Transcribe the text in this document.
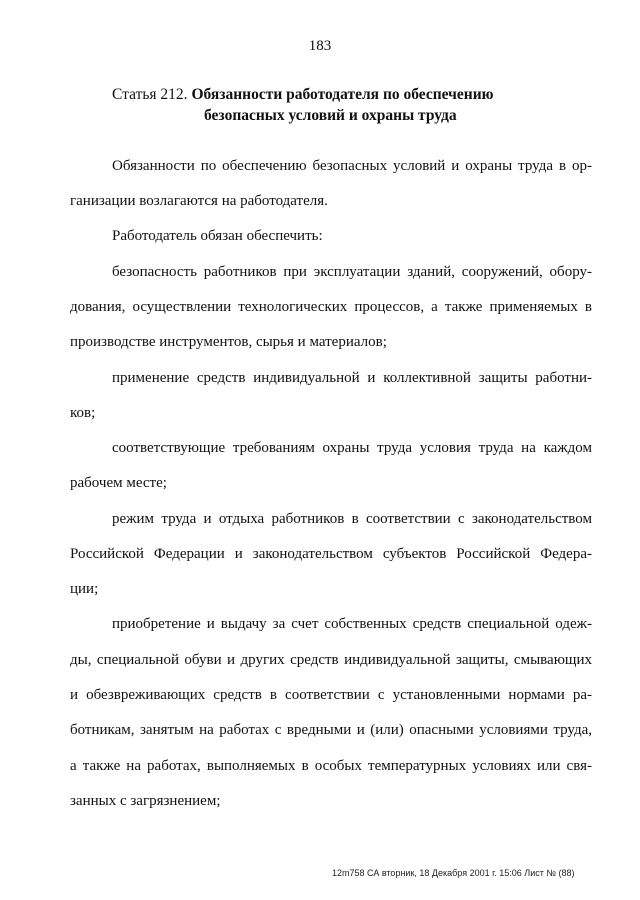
183
Статья 212. Обязанности работодателя по обеспечению
безопасных условий и охраны труда
Обязанности по обеспечению безопасных условий и охраны труда в ор-
ганизации возлагаются на работодателя.
Работодатель обязан обеспечить:
безопасность работников при эксплуатации зданий, сооружений, обору-
дования, осуществлении технологических процессов, а также применяемых в
производстве инструментов, сырья и материалов;
применение средств индивидуальной и коллективной защиты работни-
ков;
соответствующие требованиям охраны труда условия труда на каждом
рабочем месте;
режим труда и отдыха работников в соответствии с законодательством
Российской Федерации и законодательством субъектов Российской Федера-
ции;
приобретение и выдачу за счет собственных средств специальной одеж-
ды, специальной обуви и других средств индивидуальной защиты, смывающих
и обезвреживающих средств в соответствии с установленными нормами ра-
ботникам, занятым на работах с вредными и (или) опасными условиями труда,
а также на работах, выполняемых в особых температурных условиях или свя-
занных с загрязнением;
12m758 СА вторник, 18 Декабря 2001 г. 15:06 Лист № (88)
